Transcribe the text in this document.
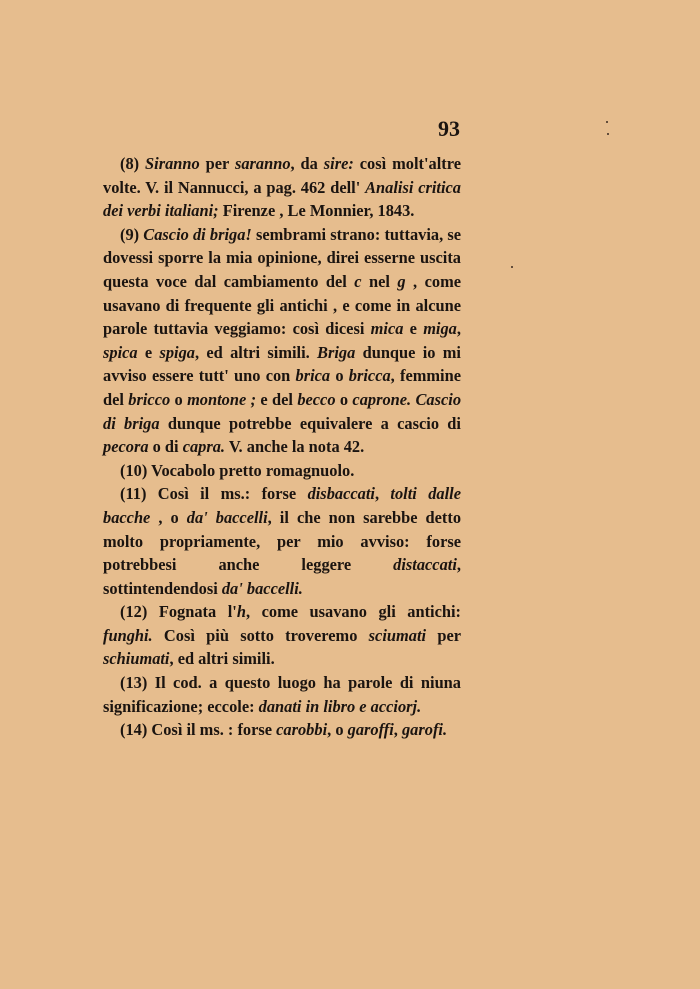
93

(8) Siranno per saranno, da sire: così molt'altre volte. V. il Nannucci, a pag. 462 dell' Analisi critica dei verbi italiani; Firenze , Le Monnier, 1843.

(9) Cascio di briga! sembrami strano: tuttavia, se dovessi sporre la mia opinione, direi esserne uscita questa voce dal cambiamento del c nel g , come usavano di frequente gli antichi , e come in alcune parole tuttavia veggiamo: così dicesi mica e miga, spica e spiga, ed altri simili. Briga dunque io mi avviso essere tutt' uno con brica o bricca, femmine del bricco o montone ; e del becco o caprone. Cascio di briga dunque potrebbe equivalere a cascio di pecora o di capra. V. anche la nota 42.

(10) Vocabolo pretto romagnuolo.

(11) Così il ms.: forse disbaccati, tolti dalle bacche , o da' baccelli, il che non sarebbe detto molto propriamente, per mio avviso: forse potrebbesi anche leggere distaccati, sottintendendosi da' baccelli.

(12) Fognata l'h, come usavano gli antichi: funghi. Così più sotto troveremo sciumati per schiumati, ed altri simili.

(13) Il cod. a questo luogo ha parole di niuna significazione; eccole: danati in libro e acciorj.

(14) Così il ms. : forse carobbi, o garoffi, garofi.
